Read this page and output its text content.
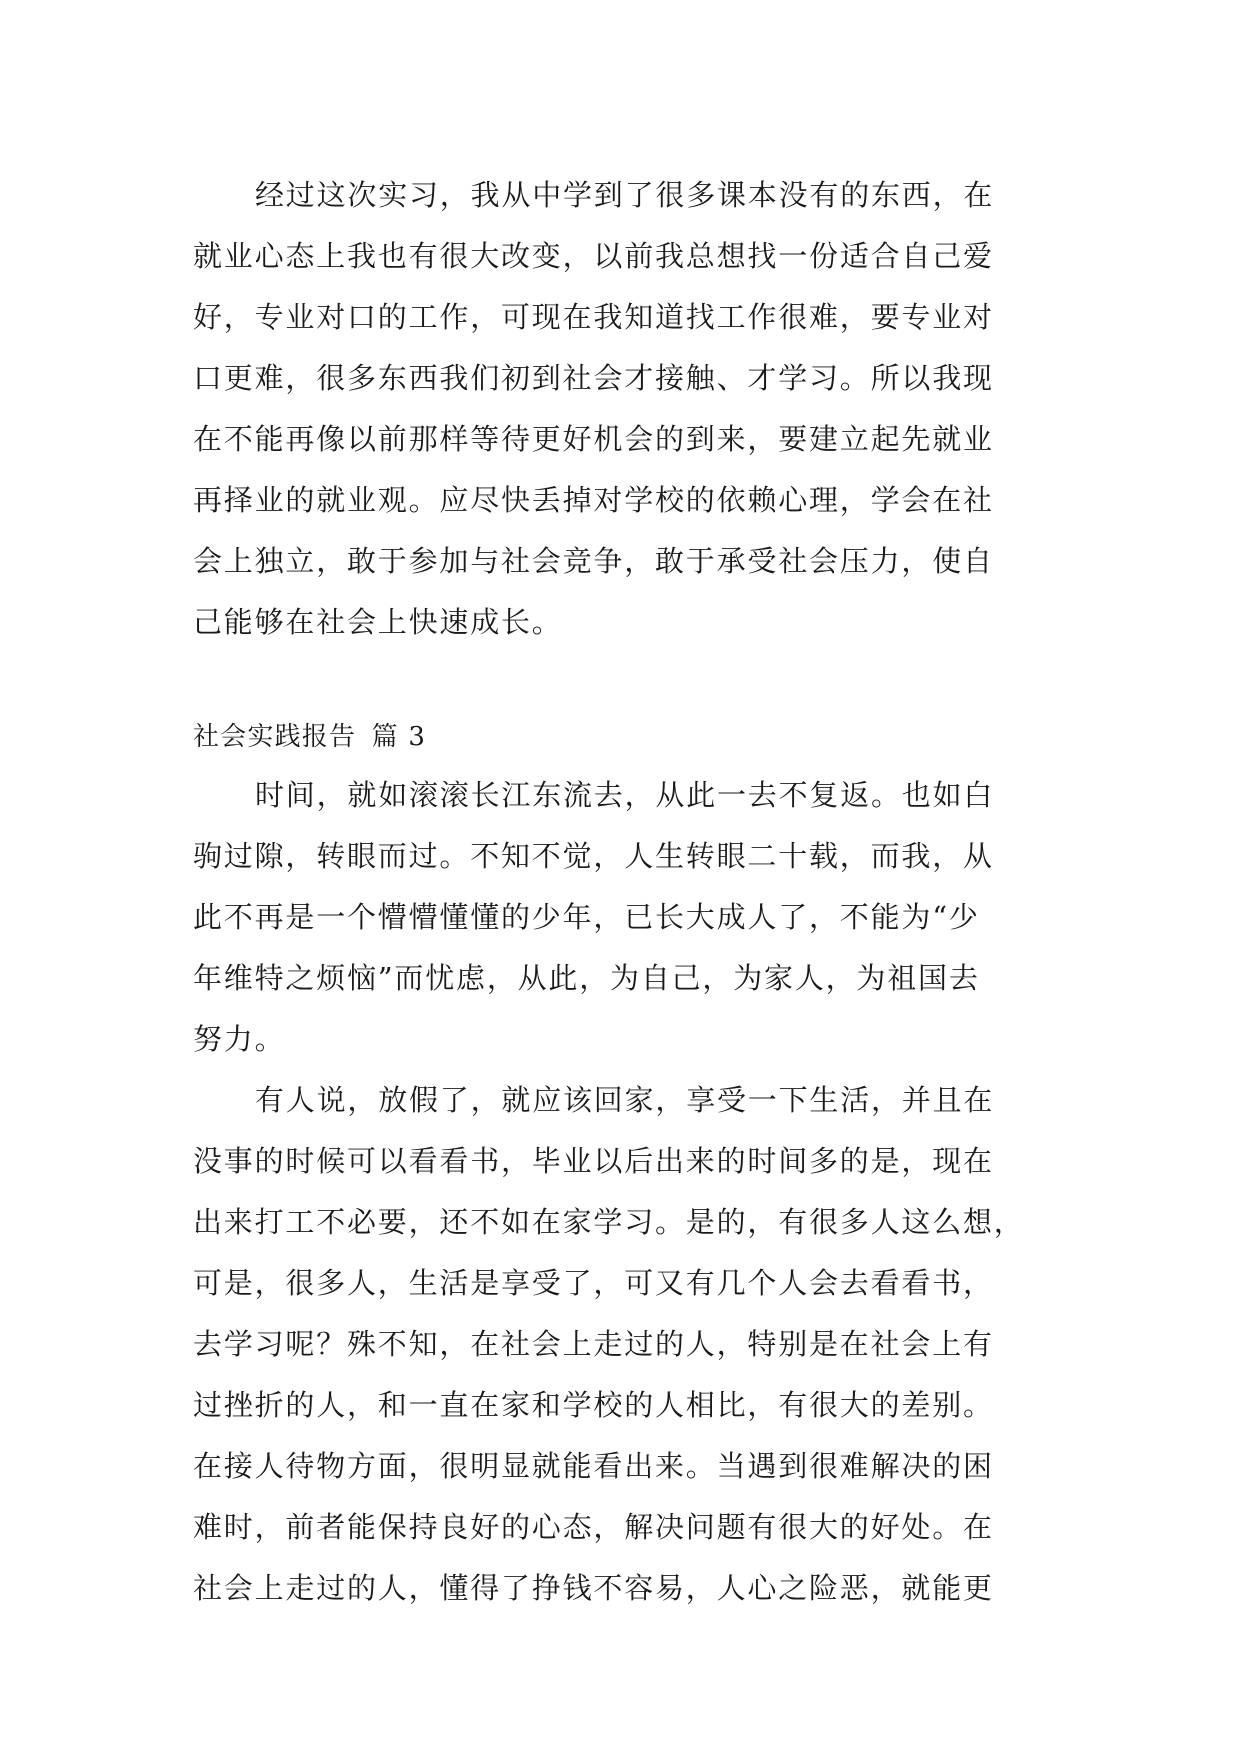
经过这次实习，我从中学到了很多课本没有的东西，在
就业心态上我也有很大改变，以前我总想找一份适合自己爱
好，专业对口的工作，可现在我知道找工作很难，要专业对
口更难，很多东西我们初到社会才接触、才学习。所以我现
在不能再像以前那样等待更好机会的到来，要建立起先就业
再择业的就业观。应尽快丢掉对学校的依赖心理，学会在社
会上独立，敢于参加与社会竞争，敢于承受社会压力，使自
己能够在社会上快速成长。
社会实践报告 篇 3
时间，就如滚滚长江东流去，从此一去不复返。也如白
驹过隙，转眼而过。不知不觉，人生转眼二十载，而我，从
此不再是一个懵懵懂懂的少年，已长大成人了，不能为“少
年维特之烦恼”而忧虑，从此，为自己，为家人，为祖国去
努力。
有人说，放假了，就应该回家，享受一下生活，并且在
没事的时候可以看看书，毕业以后出来的时间多的是，现在
出来打工不必要，还不如在家学习。是的，有很多人这么想，
可是，很多人，生活是享受了，可又有几个人会去看看书，
去学习呢？殊不知，在社会上走过的人，特别是在社会上有
过挫折的人，和一直在家和学校的人相比，有很大的差别。
在接人待物方面，很明显就能看出来。当遇到很难解决的困
难时，前者能保持良好的心态，解决问题有很大的好处。在
社会上走过的人，懂得了挣钱不容易，人心之险恶，就能更
